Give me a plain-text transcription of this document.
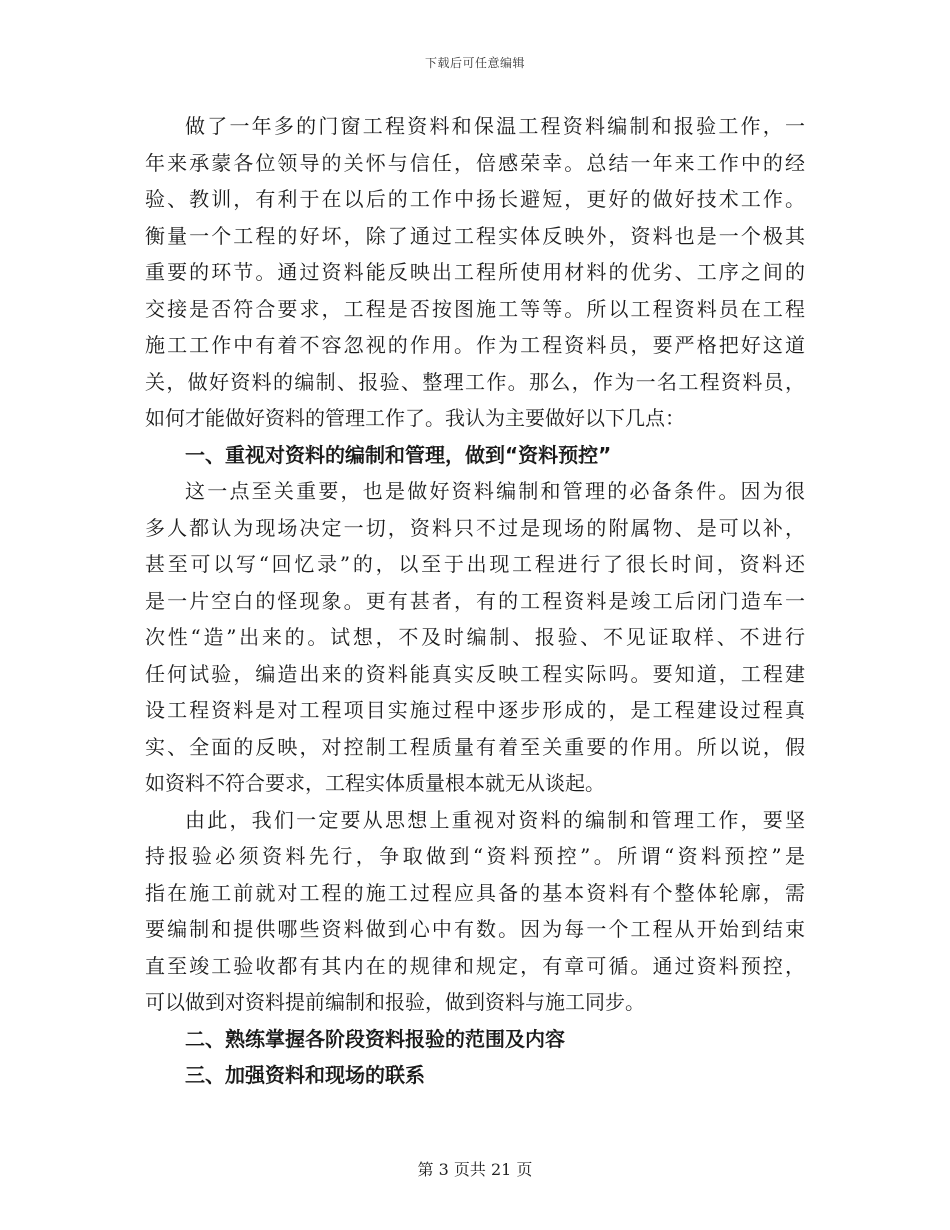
下载后可任意编辑
做了一年多的门窗工程资料和保温工程资料编制和报验工作，一
年来承蒙各位领导的关怀与信任，倍感荣幸。总结一年来工作中的经
验、教训，有利于在以后的工作中扬长避短，更好的做好技术工作。
衡量一个工程的好坏，除了通过工程实体反映外，资料也是一个极其
重要的环节。通过资料能反映出工程所使用材料的优劣、工序之间的
交接是否符合要求，工程是否按图施工等等。所以工程资料员在工程
施工工作中有着不容忽视的作用。作为工程资料员，要严格把好这道
关，做好资料的编制、报验、整理工作。那么，作为一名工程资料员，
如何才能做好资料的管理工作了。我认为主要做好以下几点：
一、重视对资料的编制和管理，做到“资料预控”
这一点至关重要，也是做好资料编制和管理的必备条件。因为很
多人都认为现场决定一切，资料只不过是现场的附属物、是可以补，
甚至可以写“回忆录”的，以至于出现工程进行了很长时间，资料还
是一片空白的怪现象。更有甚者，有的工程资料是竣工后闭门造车一
次性“造”出来的。试想，不及时编制、报验、不见证取样、不进行
任何试验，编造出来的资料能真实反映工程实际吗。要知道，工程建
设工程资料是对工程项目实施过程中逐步形成的，是工程建设过程真
实、全面的反映，对控制工程质量有着至关重要的作用。所以说，假
如资料不符合要求，工程实体质量根本就无从谈起。
由此，我们一定要从思想上重视对资料的编制和管理工作，要坚
持报验必须资料先行，争取做到“资料预控”。所谓“资料预控”是
指在施工前就对工程的施工过程应具备的基本资料有个整体轮廓，需
要编制和提供哪些资料做到心中有数。因为每一个工程从开始到结束
直至竣工验收都有其内在的规律和规定，有章可循。通过资料预控，
可以做到对资料提前编制和报验，做到资料与施工同步。
二、熟练掌握各阶段资料报验的范围及内容
三、加强资料和现场的联系
第 3 页共 21 页
